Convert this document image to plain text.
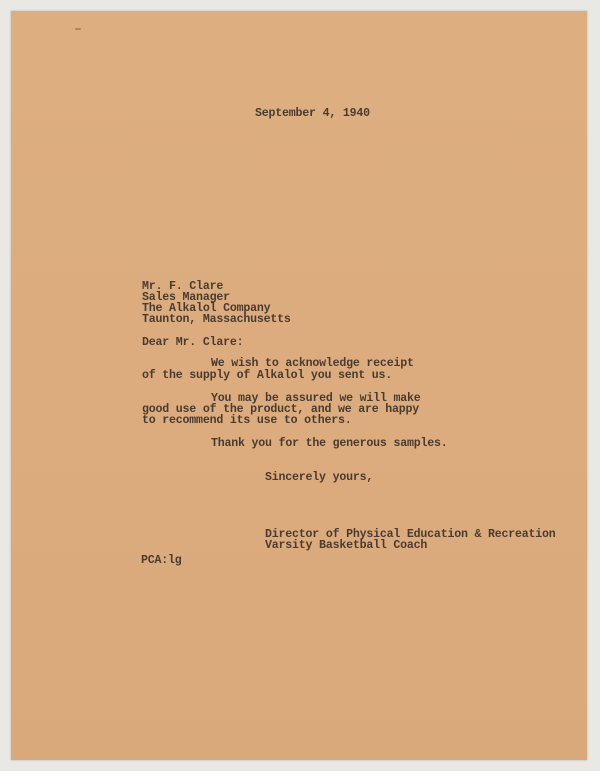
September 4, 1940
Mr. F. Clare
Sales Manager
The Alkalol Company
Taunton, Massachusetts
Dear Mr. Clare:
We wish to acknowledge receipt
of the supply of Alkalol you sent us.
You may be assured we will make
good use of the product, and we are happy
to recommend its use to others.
Thank you for the generous samples.
Sincerely yours,
Director of Physical Education & Recreation
Varsity Basketball Coach
PCA:lg
